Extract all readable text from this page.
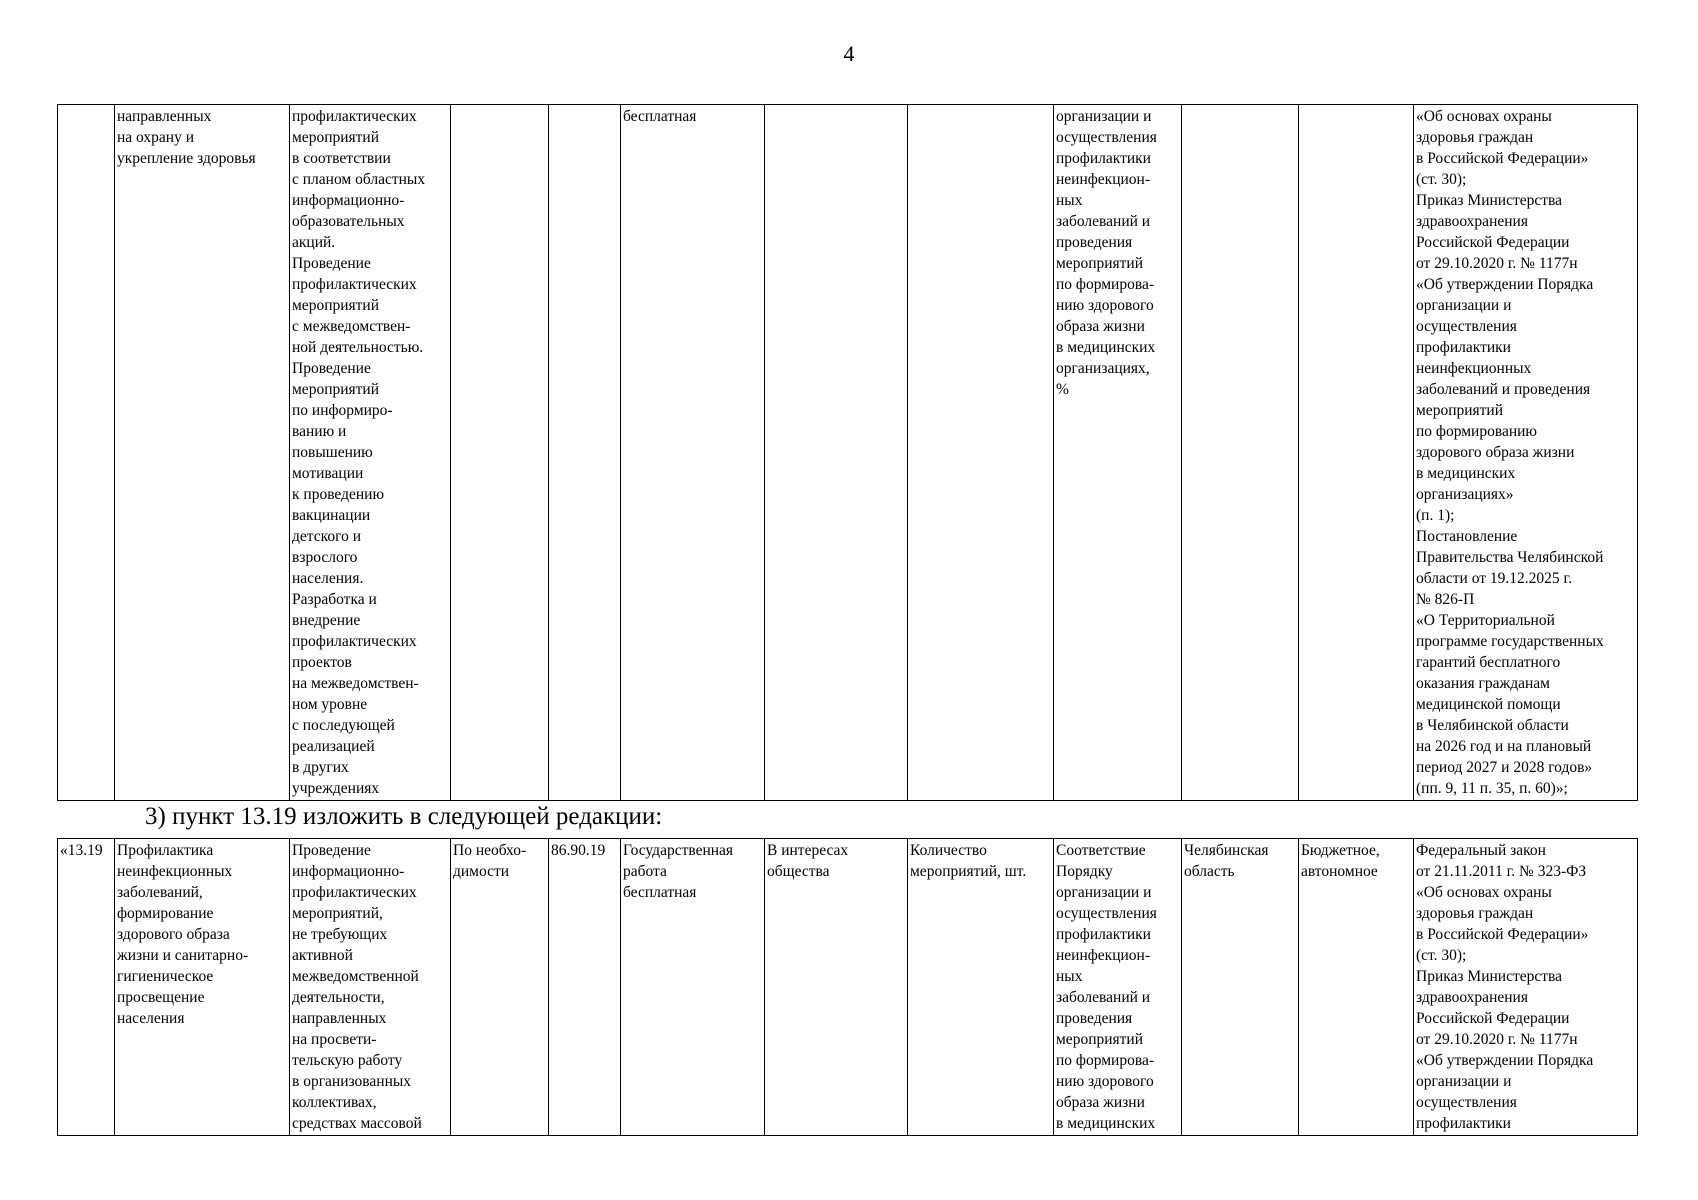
4
	направленных
на охрану и
укрепление здоровья	профилактических
мероприятий
в соответствии
с планом областных
информационно-
образовательных
акций.
Проведение
профилактических
мероприятий
с межведомствен-
ной деятельностью.
Проведение
мероприятий
по информиро-
ванию и
повышению
мотивации
к проведению
вакцинации
детского и
взрослого
населения.
Разработка и
внедрение
профилактических
проектов
на межведомствен-
ном уровне
с последующей
реализацией
в других
учреждениях			бесплатная			организации и
осуществления
профилактики
неинфекцион-
ных
заболеваний и
проведения
мероприятий
по формирова-
нию здорового
образа жизни
в медицинских
организациях,
%			«Об основах охраны
здоровья граждан
в Российской Федерации»
(ст. 30);
Приказ Министерства
здравоохранения
Российской Федерации
от 29.10.2020 г. № 1177н
«Об утверждении Порядка
организации и
осуществления
профилактики
неинфекционных
заболеваний и проведения
мероприятий
по формированию
здорового образа жизни
в медицинских
организациях»
(п. 1);
Постановление
Правительства Челябинской
области от 19.12.2025 г.
№ 826-П
«О Территориальной
программе государственных
гарантий бесплатного
оказания гражданам
медицинской помощи
в Челябинской области
на 2026 год и на плановый
период 2027 и 2028 годов»
(пп. 9, 11 п. 35, п. 60)»;
3) пункт 13.19 изложить в следующей редакции:
«13.19	Профилактика
неинфекционных
заболеваний,
формирование
здорового образа
жизни и санитарно-
гигиеническое
просвещение
населения	Проведение
информационно-
профилактических
мероприятий,
не требующих
активной
межведомственной
деятельности,
направленных
на просвети-
тельскую работу
в организованных
коллективах,
средствах массовой	По необхо-
димости	86.90.19	Государственная
работа
бесплатная	В интересах
общества	Количество
мероприятий, шт.	Соответствие
Порядку
организации и
осуществления
профилактики
неинфекцион-
ных
заболеваний и
проведения
мероприятий
по формирова-
нию здорового
образа жизни
в медицинских	Челябинская
область	Бюджетное,
автономное	Федеральный закон
от 21.11.2011 г. № 323-ФЗ
«Об основах охраны
здоровья граждан
в Российской Федерации»
(ст. 30);
Приказ Министерства
здравоохранения
Российской Федерации
от 29.10.2020 г. № 1177н
«Об утверждении Порядка
организации и
осуществления
профилактики
